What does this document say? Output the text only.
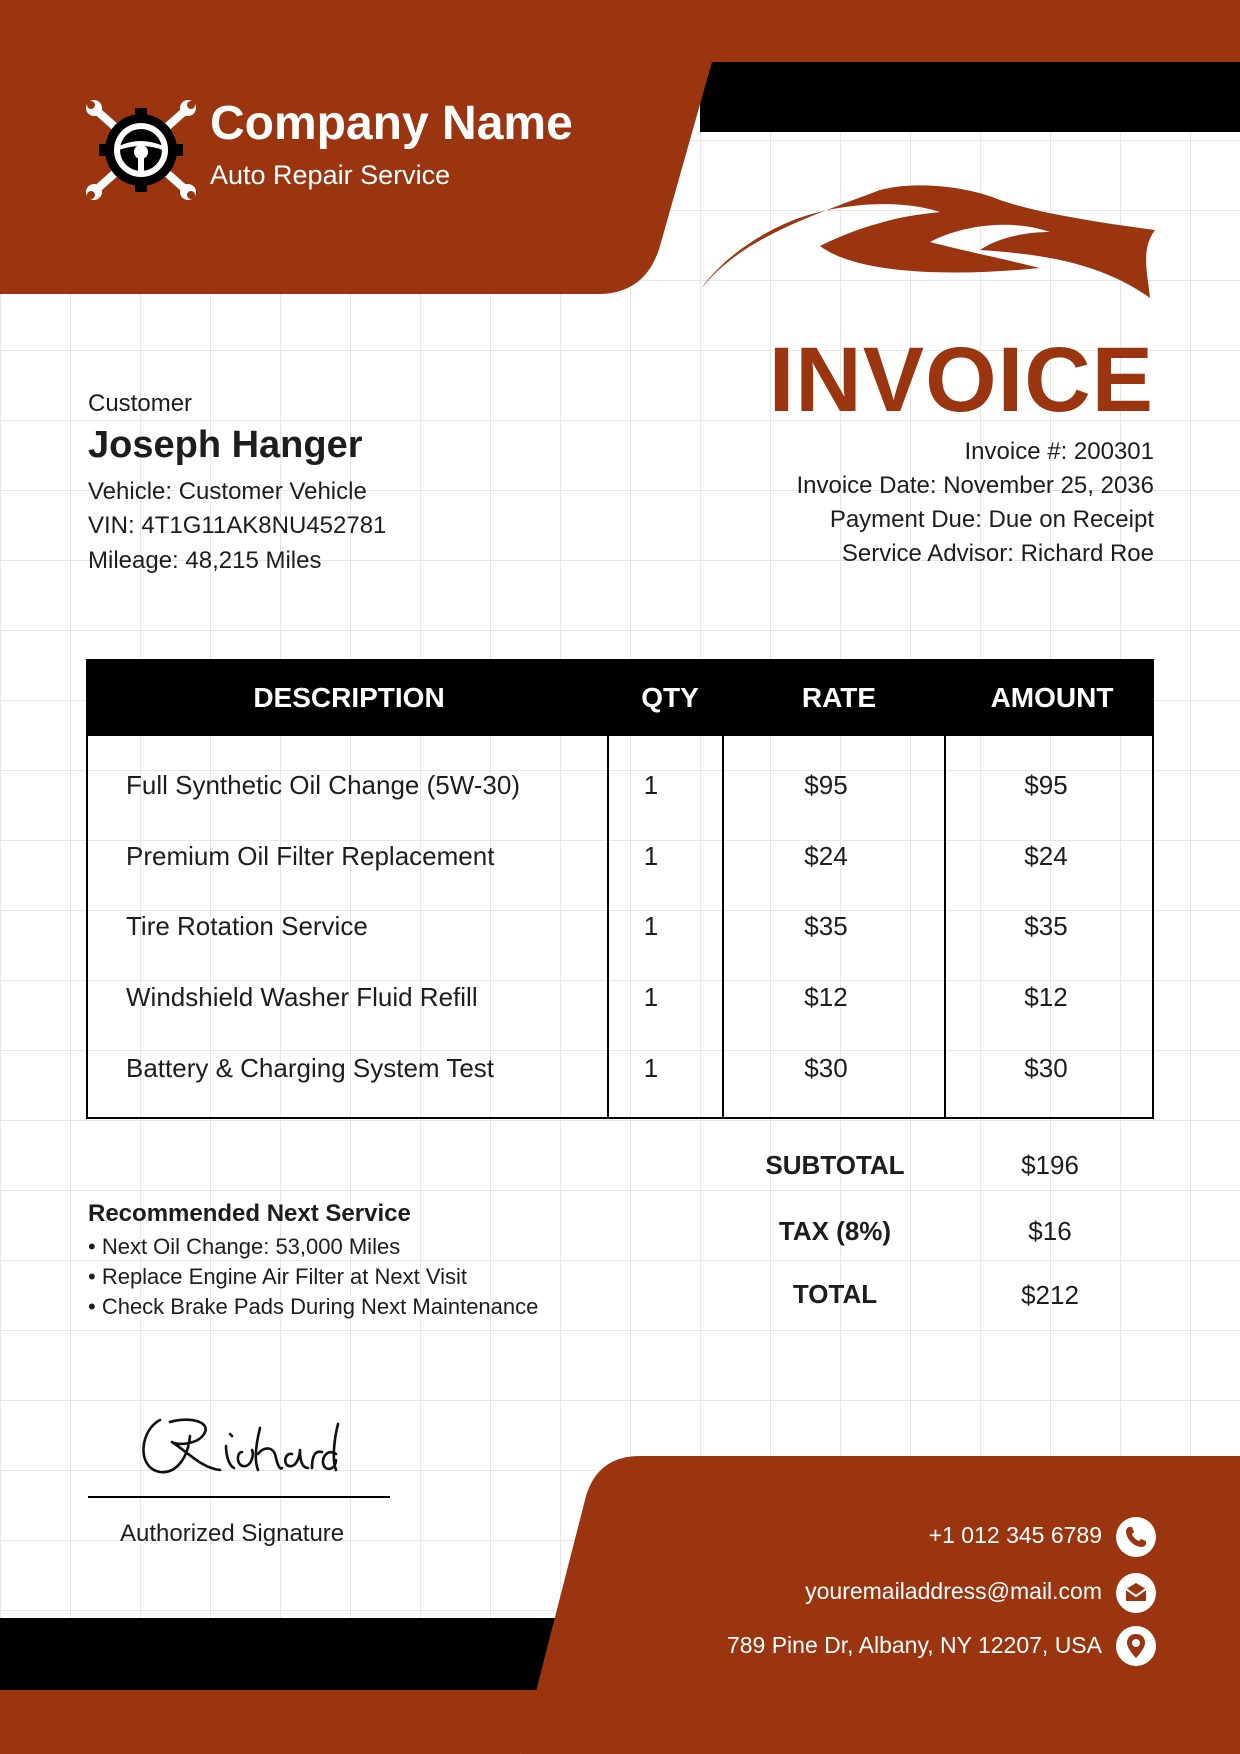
Company Name
Auto Repair Service
Customer
Joseph Hanger
Vehicle: Customer Vehicle
VIN: 4T1G11AK8NU452781
Mileage: 48,215 Miles
INVOICE
Invoice #: 200301
Invoice Date: November 25, 2036
Payment Due: Due on Receipt
Service Advisor: Richard Roe
DESCRIPTION	QTY	RATE	AMOUNT
Full Synthetic Oil Change (5W-30)	1	$95	$95
Premium Oil Filter Replacement	1	$24	$24
Tire Rotation Service	1	$35	$35
Windshield Washer Fluid Refill	1	$12	$12
Battery & Charging System Test	1	$30	$30
SUBTOTAL	$196
TAX (8%)	$16
TOTAL	$212
Recommended Next Service
• Next Oil Change: 53,000 Miles
• Replace Engine Air Filter at Next Visit
• Check Brake Pads During Next Maintenance
Authorized Signature	+1 012 345 6789
youremailaddress@mail.com
789 Pine Dr, Albany, NY 12207, USA
